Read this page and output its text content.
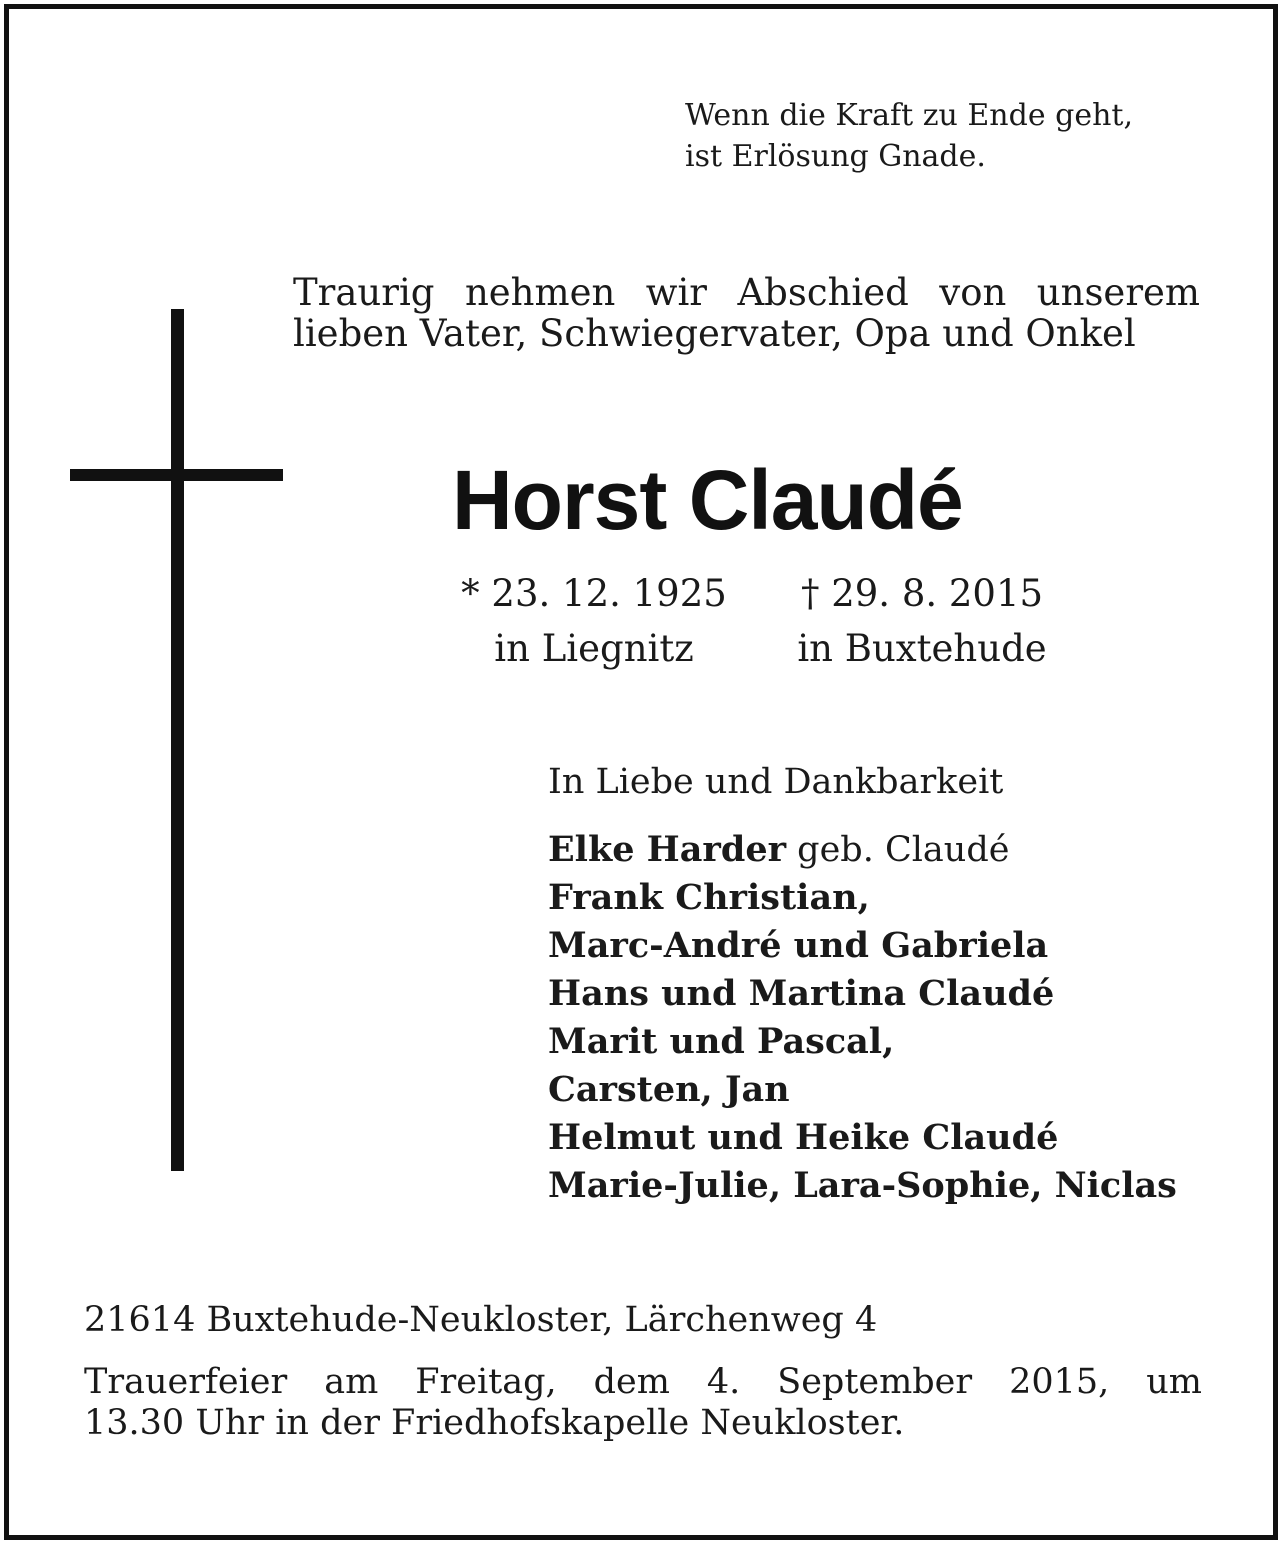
Wenn die Kraft zu Ende geht,
ist Erlösung Gnade.
Traurig nehmen wir Abschied von unserem
lieben Vater, Schwiegervater, Opa und Onkel
Horst Claudé
* 23. 12. 1925
in Liegnitz
† 29. 8. 2015
in Buxtehude
In Liebe und Dankbarkeit
Elke Harder geb. Claudé
Frank Christian,
Marc-André und Gabriela
Hans und Martina Claudé
Marit und Pascal,
Carsten, Jan
Helmut und Heike Claudé
Marie-Julie, Lara-Sophie, Niclas
21614 Buxtehude-Neukloster, Lärchenweg 4
Trauerfeier am Freitag, dem 4. September 2015, um
13.30 Uhr in der Friedhofskapelle Neukloster.
